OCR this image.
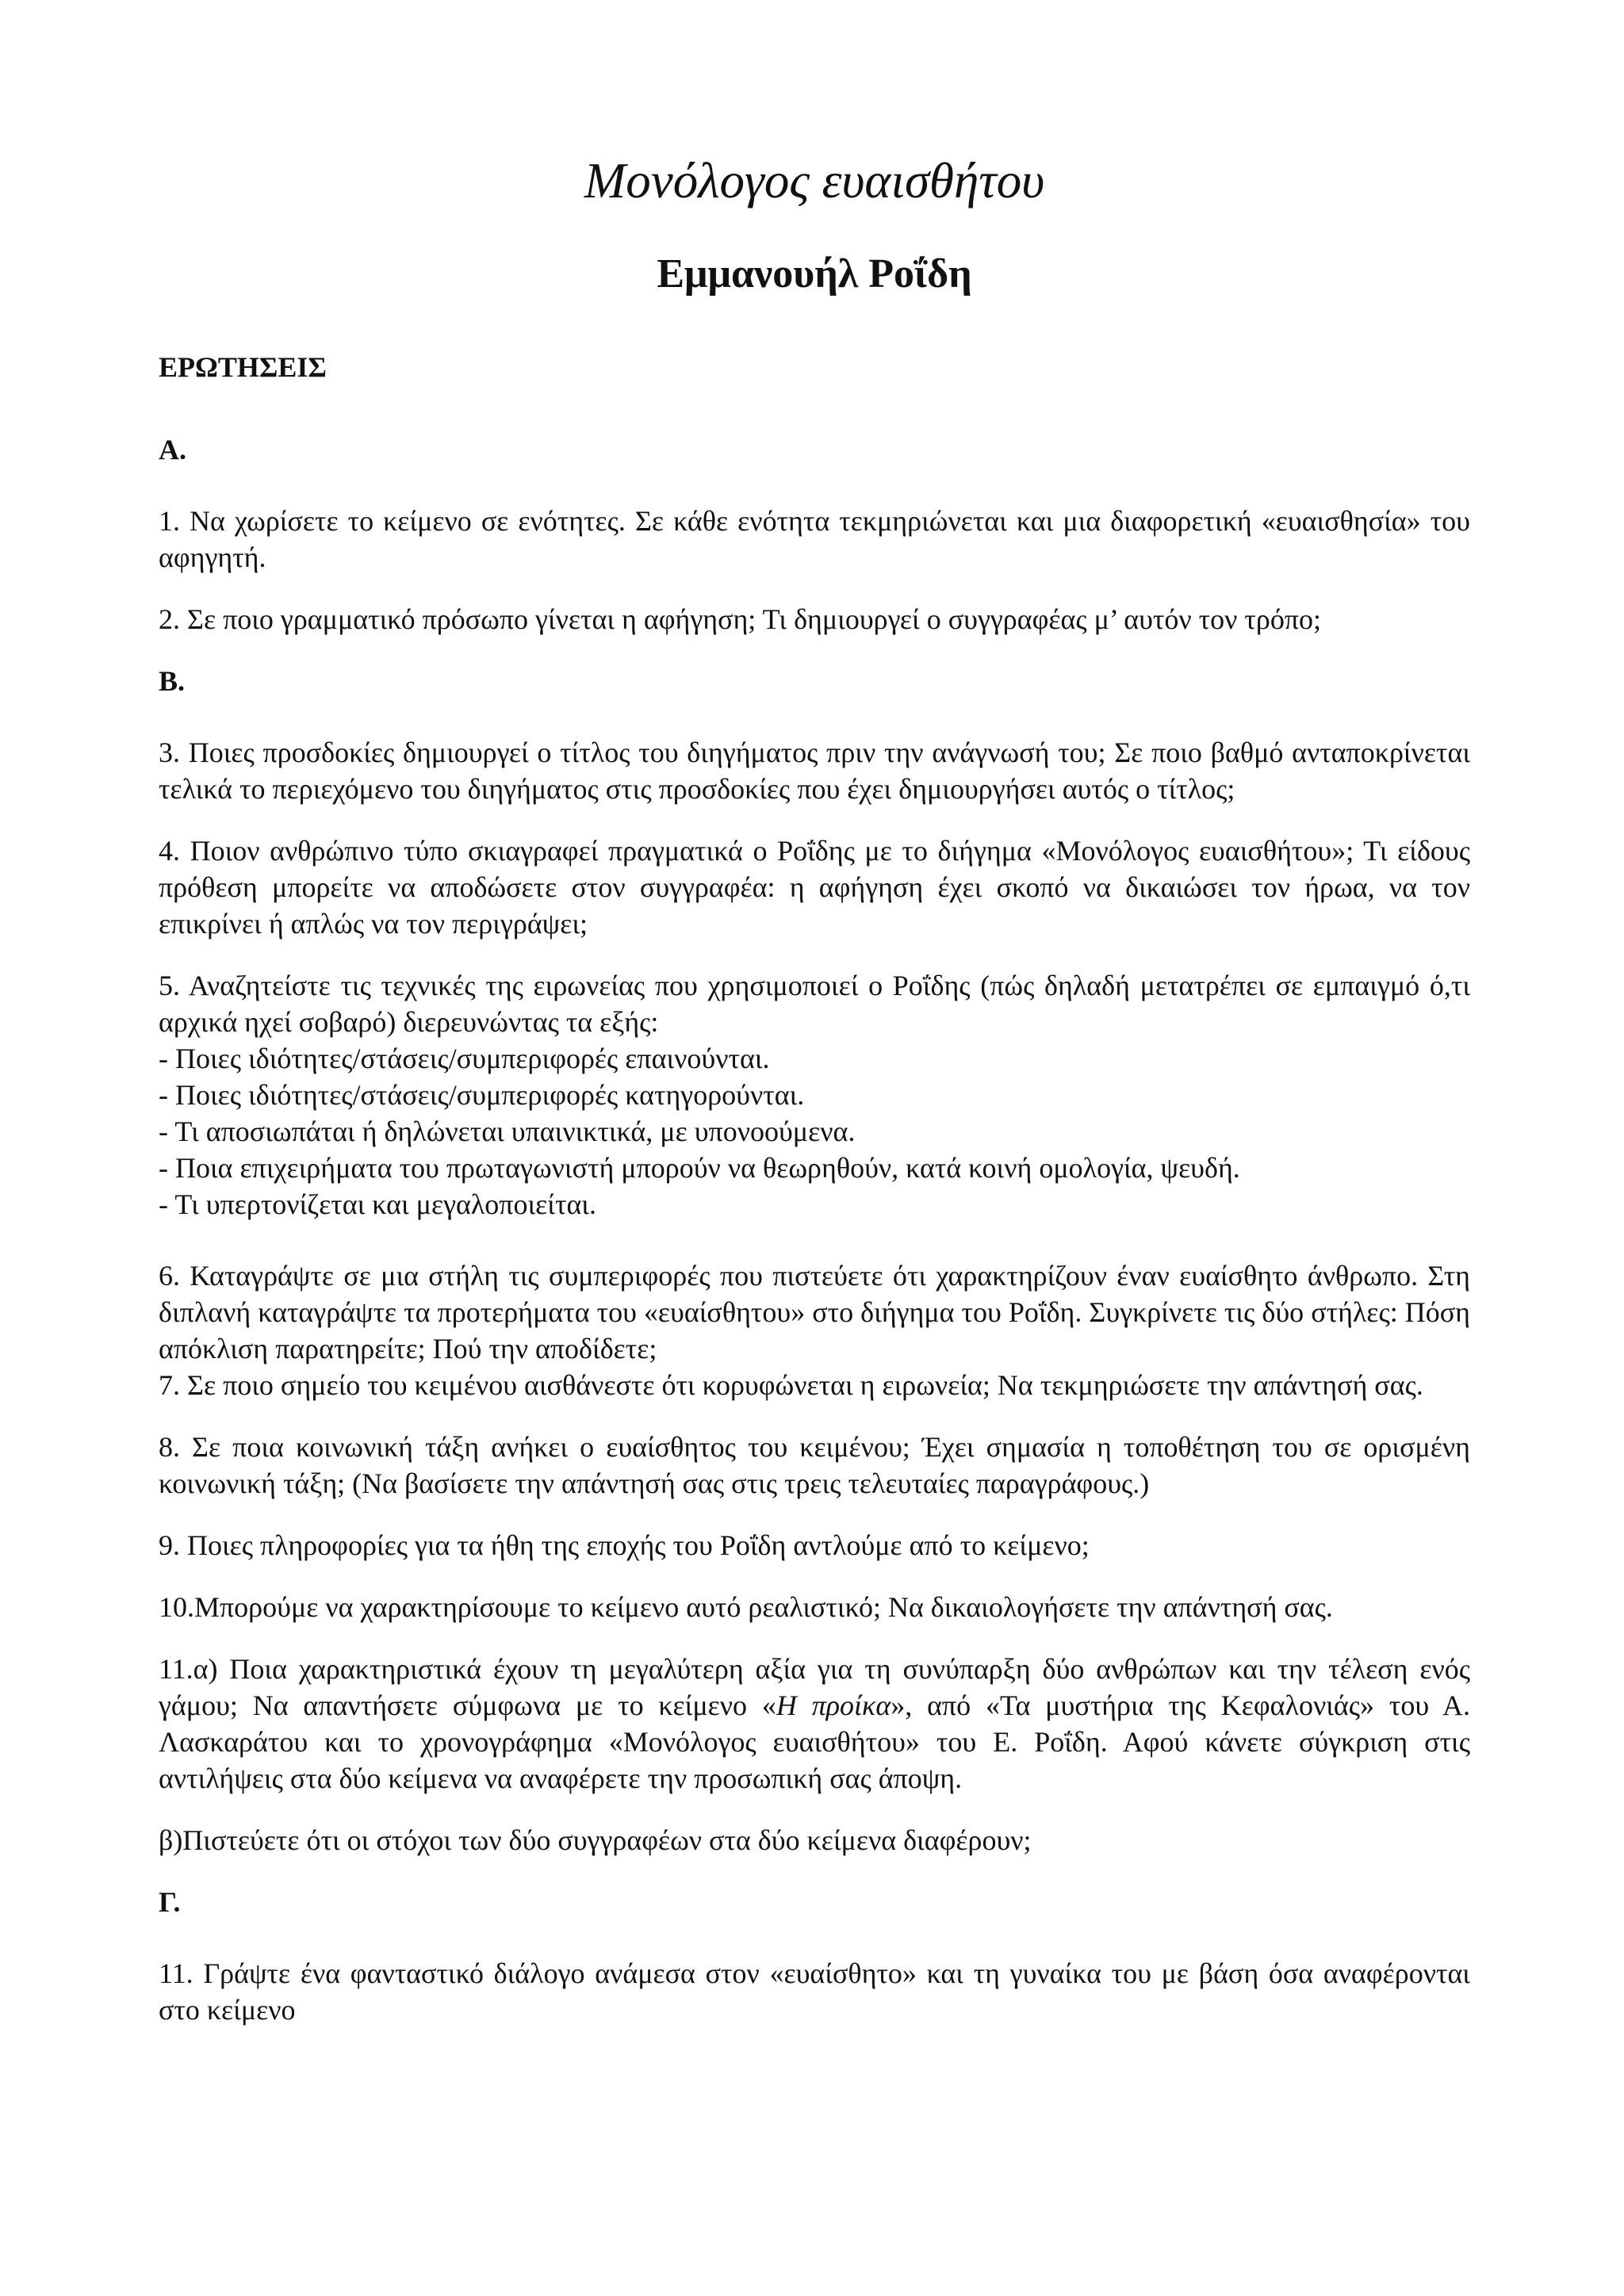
Μονόλογος ευαισθήτου
Εμμανουήλ Ροΐδη
ΕΡΩΤΗΣΕΙΣ
Α.

1. Να χωρίσετε το κείμενο σε ενότητες. Σε κάθε ενότητα τεκμηριώνεται και μια διαφορετική «ευαισθησία» του αφηγητή.

2. Σε ποιο γραμματικό πρόσωπο γίνεται η αφήγηση; Τι δημιουργεί ο συγγραφέας μ’ αυτόν τον τρόπο;

Β.

3. Ποιες προσδοκίες δημιουργεί ο τίτλος του διηγήματος πριν την ανάγνωσή του; Σε ποιο βαθμό ανταποκρίνεται τελικά το περιεχόμενο του διηγήματος στις προσδοκίες που έχει δημιουργήσει αυτός ο τίτλος;

4. Ποιον ανθρώπινο τύπο σκιαγραφεί πραγματικά ο Ροΐδης με το διήγημα «Μονόλογος ευαισθήτου»; Τι είδους πρόθεση μπορείτε να αποδώσετε στον συγγραφέα: η αφήγηση έχει σκοπό να δικαιώσει τον ήρωα, να τον επικρίνει ή απλώς να τον περιγράψει;

5. Αναζητείστε τις τεχνικές της ειρωνείας που χρησιμοποιεί ο Ροΐδης (πώς δηλαδή μετατρέπει σε εμπαιγμό ό,τι αρχικά ηχεί σοβαρό) διερευνώντας τα εξής:

- Ποιες ιδιότητες/στάσεις/συμπεριφορές επαινούνται.
- Ποιες ιδιότητες/στάσεις/συμπεριφορές κατηγορούνται.
- Τι αποσιωπάται ή δηλώνεται υπαινικτικά, με υπονοούμενα.
- Ποια επιχειρήματα του πρωταγωνιστή μπορούν να θεωρηθούν, κατά κοινή ομολογία, ψευδή.
- Τι υπερτονίζεται και μεγαλοποιείται.

6. Καταγράψτε σε μια στήλη τις συμπεριφορές που πιστεύετε ότι χαρακτηρίζουν έναν ευαίσθητο άνθρωπο. Στη διπλανή καταγράψτε τα προτερήματα του «ευαίσθητου» στο διήγημα του Ροΐδη. Συγκρίνετε τις δύο στήλες: Πόση απόκλιση παρατηρείτε; Πού την αποδίδετε;

7. Σε ποιο σημείο του κειμένου αισθάνεστε ότι κορυφώνεται η ειρωνεία; Να τεκμηριώσετε την απάντησή σας.

8. Σε ποια κοινωνική τάξη ανήκει ο ευαίσθητος του κειμένου; Έχει σημασία η τοποθέτηση του σε ορισμένη κοινωνική τάξη; (Να βασίσετε την απάντησή σας στις τρεις τελευταίες παραγράφους.)

9. Ποιες πληροφορίες για τα ήθη της εποχής του Ροΐδη αντλούμε από το κείμενο;

10.Μπορούμε να χαρακτηρίσουμε το κείμενο αυτό ρεαλιστικό; Να δικαιολογήσετε την απάντησή σας.

11.α) Ποια χαρακτηριστικά έχουν τη μεγαλύτερη αξία για τη συνύπαρξη δύο ανθρώπων και την τέλεση ενός γάμου; Να απαντήσετε σύμφωνα με το κείμενο «Η προίκα», από «Τα μυστήρια της Κεφαλονιάς» του Α. Λασκαράτου και το χρονογράφημα «Μονόλογος ευαισθήτου» του Ε. Ροΐδη. Αφού κάνετε σύγκριση στις αντιλήψεις στα δύο κείμενα να αναφέρετε την προσωπική σας άποψη.

β)Πιστεύετε ότι οι στόχοι των δύο συγγραφέων στα δύο κείμενα διαφέρουν;

Γ.

11. Γράψτε ένα φανταστικό διάλογο ανάμεσα στον «ευαίσθητο» και τη γυναίκα του με βάση όσα αναφέρονται στο κείμενο
